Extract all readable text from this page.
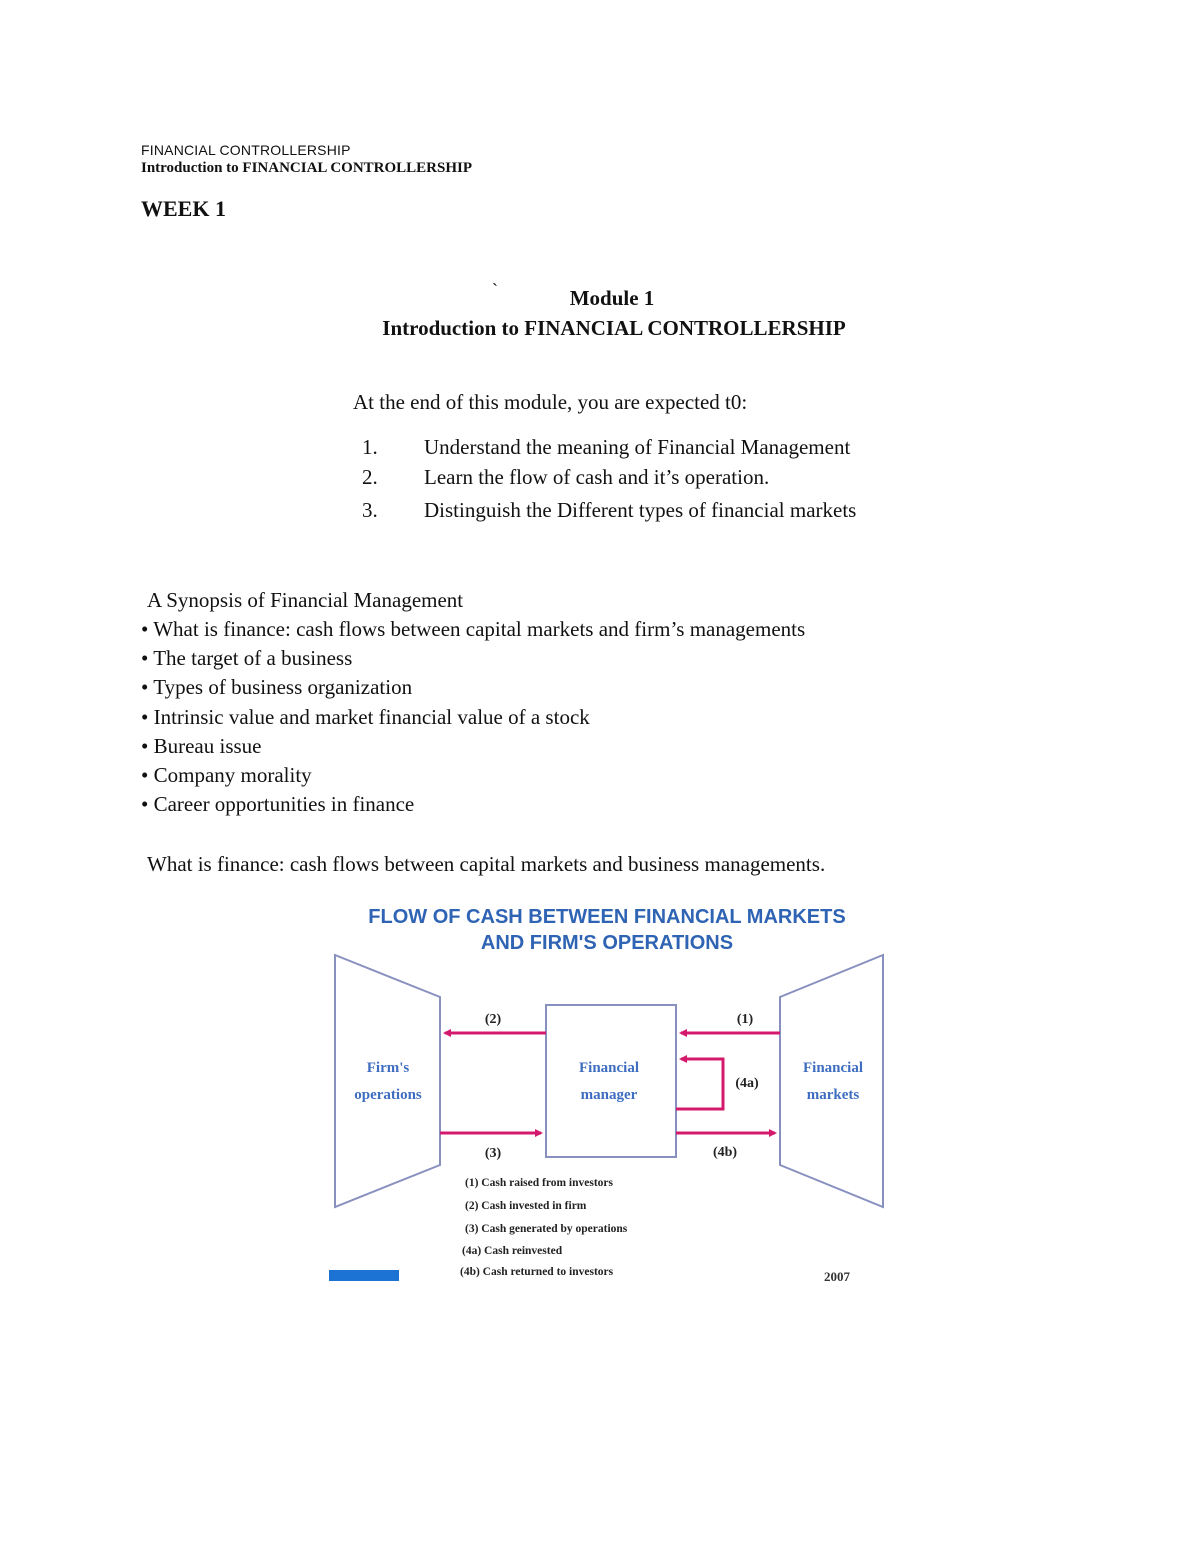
FINANCIAL CONTROLLERSHIP
Introduction to FINANCIAL CONTROLLERSHIP
WEEK 1
`	Module 1
Introduction to FINANCIAL CONTROLLERSHIP
At the end of this module, you are expected t0:
1. Understand the meaning of Financial Management
2. Learn the flow of cash and it’s operation.
3. Distinguish the Different types of financial markets
A Synopsis of Financial Management
• What is finance: cash flows between capital markets and firm’s managements
• The target of a business
• Types of business organization
• Intrinsic value and market financial value of a stock
• Bureau issue
• Company morality
• Career opportunities in finance
What is finance: cash flows between capital markets and business managements.
FLOW OF CASH BETWEEN FINANCIAL MARKETS
AND FIRM'S OPERATIONS
Firm's
operations
Financial
manager
Financial
markets
(2)	(1)
(4a)
(3)	(4b)
(1) Cash raised from investors
(2) Cash invested in firm
(3) Cash generated by operations
(4a) Cash reinvested
(4b) Cash returned to investors	2007
